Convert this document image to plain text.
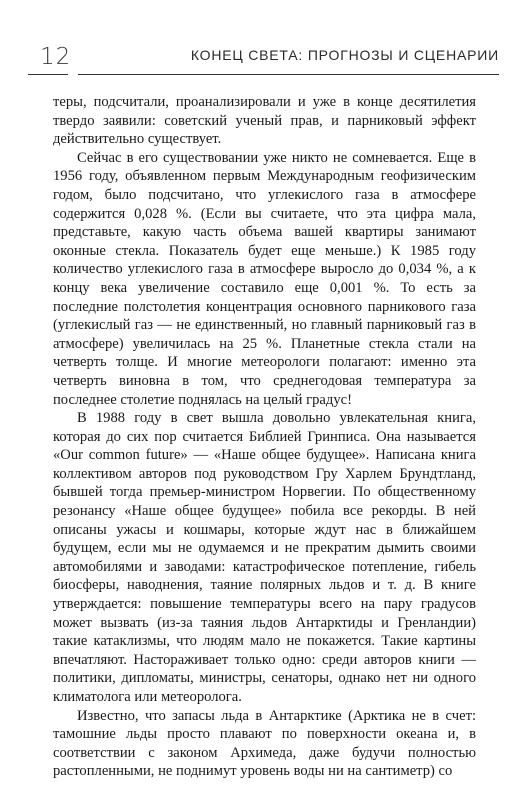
12	КОНЕЦ СВЕТА: ПРОГНОЗЫ И СЦЕНАРИИ

теры, подсчитали, проанализировали и уже в конце десятилетия твердо заявили: советский ученый прав, и парниковый эффект действительно существует.

Сейчас в его существовании уже никто не сомневается. Еще в 1956 году, объявленном первым Международным геофизическим годом, было подсчитано, что углекислого газа в атмосфере содержится 0,028 %. (Если вы считаете, что эта цифра мала, представьте, какую часть объема вашей квартиры занимают оконные стекла. Показатель будет еще меньше.) К 1985 году количество углекислого газа в атмосфере выросло до 0,034 %, а к концу века увеличение составило еще 0,001 %. То есть за последние полстолетия концентрация основного парникового газа (углекислый газ — не единственный, но главный парниковый газ в атмосфере) увеличилась на 25 %. Планетные стекла стали на четверть толще. И многие метеорологи полагают: именно эта четверть виновна в том, что среднегодовая температура за последнее столетие поднялась на целый градус!

В 1988 году в свет вышла довольно увлекательная книга, которая до сих пор считается Библией Гринписа. Она называется «Our common future» — «Наше общее будущее». Написана книга коллективом авторов под руководством Гру Харлем Брундтланд, бывшей тогда премьер-министром Норвегии. По общественному резонансу «Наше общее будущее» побила все рекорды. В ней описаны ужасы и кошмары, которые ждут нас в ближайшем будущем, если мы не одумаемся и не прекратим дымить своими автомобилями и заводами: катастрофическое потепление, гибель биосферы, наводнения, таяние полярных льдов и т. д. В книге утверждается: повышение температуры всего на пару градусов может вызвать (из-за таяния льдов Антарктиды и Гренландии) такие катаклизмы, что людям мало не покажется. Такие картины впечатляют. Настораживает только одно: среди авторов книги — политики, дипломаты, министры, сенаторы, однако нет ни одного климатолога или метеоролога.

Известно, что запасы льда в Антарктике (Арктика не в счет: тамошние льды просто плавают по поверхности океана и, в соответствии с законом Архимеда, даже будучи полностью растопленными, не поднимут уровень воды ни на сантиметр) со
